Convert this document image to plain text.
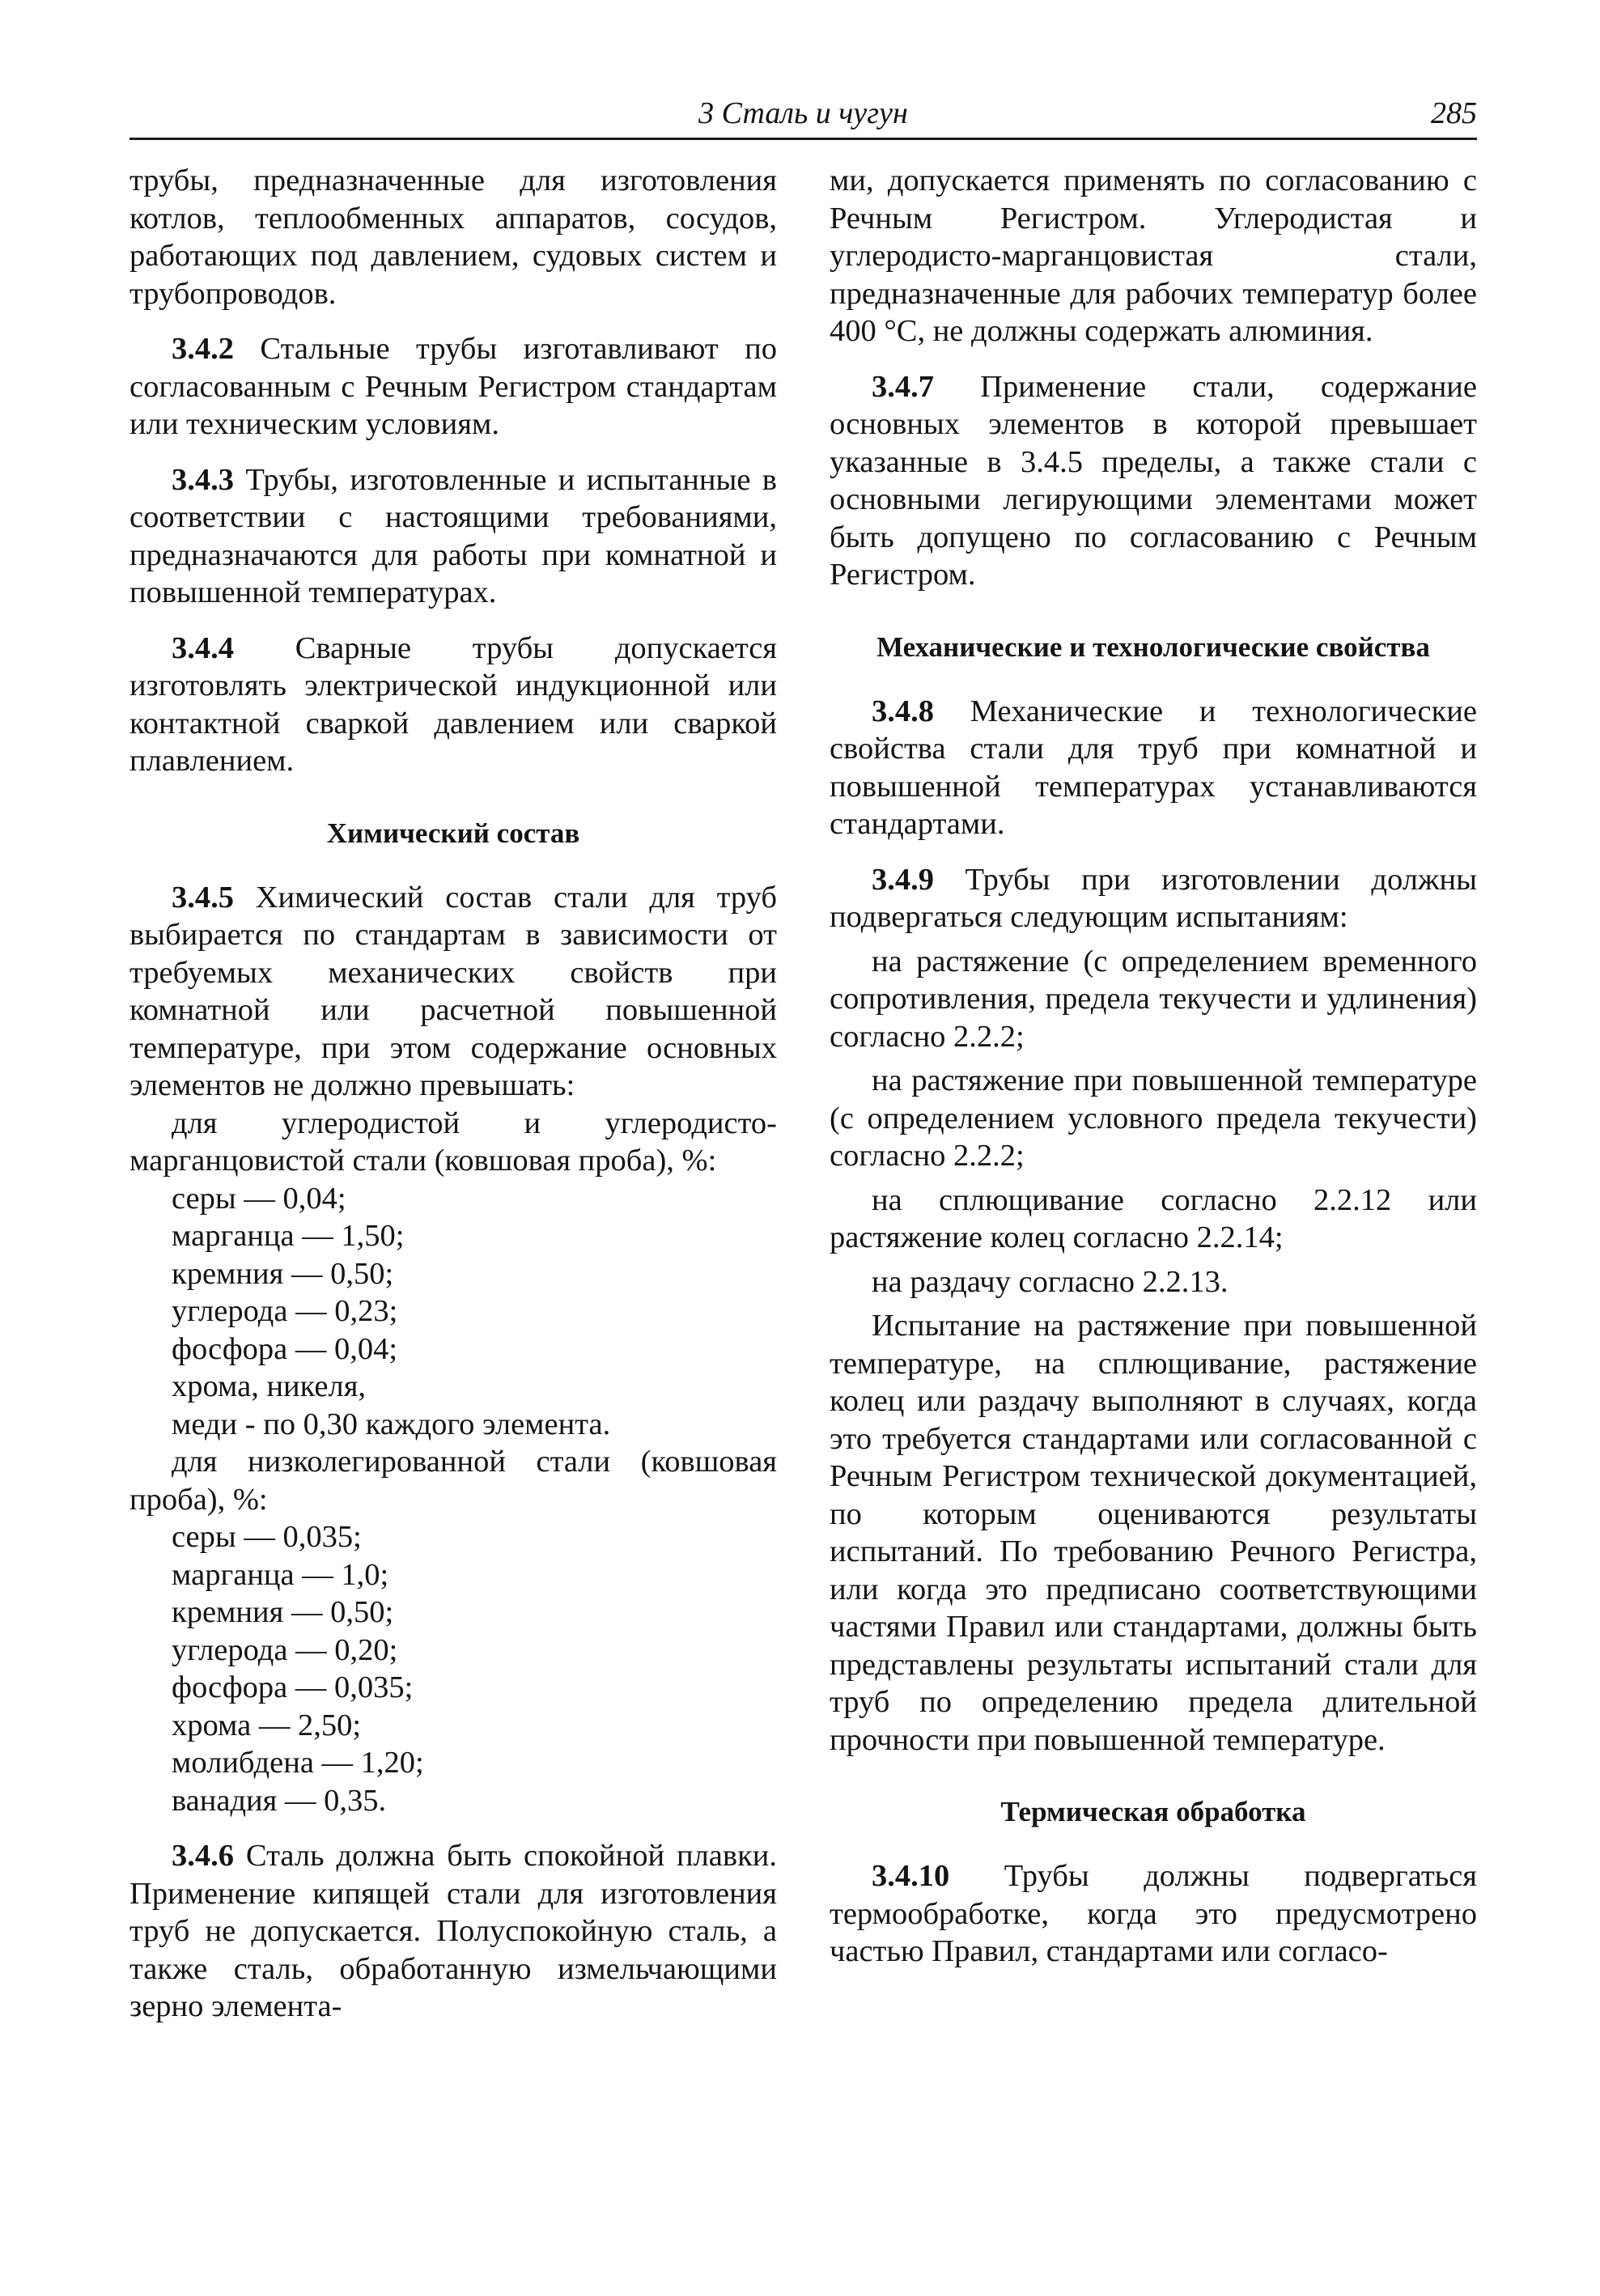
3 Сталь и чугун	285

трубы, предназначенные для изготовления котлов, теплообменных аппаратов, сосудов, работающих под давлением, судовых систем и трубопроводов.

3.4.2 Стальные трубы изготавливают по согласованным с Речным Регистром стандартам или техническим условиям.

3.4.3 Трубы, изготовленные и испытанные в соответствии с настоящими требованиями, предназначаются для работы при комнатной и повышенной температурах.

3.4.4 Сварные трубы допускается изготовлять электрической индукционной или контактной сваркой давлением или сваркой плавлением.

Химический состав

3.4.5 Химический состав стали для труб выбирается по стандартам в зависимости от требуемых механических свойств при комнатной или расчетной повышенной температуре, при этом содержание основных элементов не должно превышать:

для углеродистой и углеродисто-марганцовистой стали (ковшовая проба), %:

серы — 0,04;
марганца — 1,50;
кремния — 0,50;
углерода — 0,23;
фосфора — 0,04;
хрома, никеля,
меди - по 0,30 каждого элемента.

для низколегированной стали (ковшовая проба), %:

серы — 0,035;
марганца — 1,0;
кремния — 0,50;
углерода — 0,20;
фосфора — 0,035;
хрома — 2,50;
молибдена — 1,20;
ванадия — 0,35.

3.4.6 Сталь должна быть спокойной плавки. Применение кипящей стали для изготовления труб не допускается. Полуспокойную сталь, а также сталь, обработанную измельчающими зерно элемента-

ми, допускается применять по согласованию с Речным Регистром. Углеродистая и углеродисто-марганцовистая стали, предназначенные для рабочих температур более 400 °C, не должны содержать алюминия.

3.4.7 Применение стали, содержание основных элементов в которой превышает указанные в 3.4.5 пределы, а также стали с основными легирующими элементами может быть допущено по согласованию с Речным Регистром.

Механические и технологические свойства

3.4.8 Механические и технологические свойства стали для труб при комнатной и повышенной температурах устанавливаются стандартами.

3.4.9 Трубы при изготовлении должны подвергаться следующим испытаниям:

на растяжение (с определением временного сопротивления, предела текучести и удлинения) согласно 2.2.2;

на растяжение при повышенной температуре (с определением условного предела текучести) согласно 2.2.2;

на сплющивание согласно 2.2.12 или растяжение колец согласно 2.2.14;

на раздачу согласно 2.2.13.

Испытание на растяжение при повышенной температуре, на сплющивание, растяжение колец или раздачу выполняют в случаях, когда это требуется стандартами или согласованной с Речным Регистром технической документацией, по которым оцениваются результаты испытаний. По требованию Речного Регистра, или когда это предписано соответствующими частями Правил или стандартами, должны быть представлены результаты испытаний стали для труб по определению предела длительной прочности при повышенной температуре.

Термическая обработка

3.4.10 Трубы должны подвергаться термообработке, когда это предусмотрено частью Правил, стандартами или согласо-
